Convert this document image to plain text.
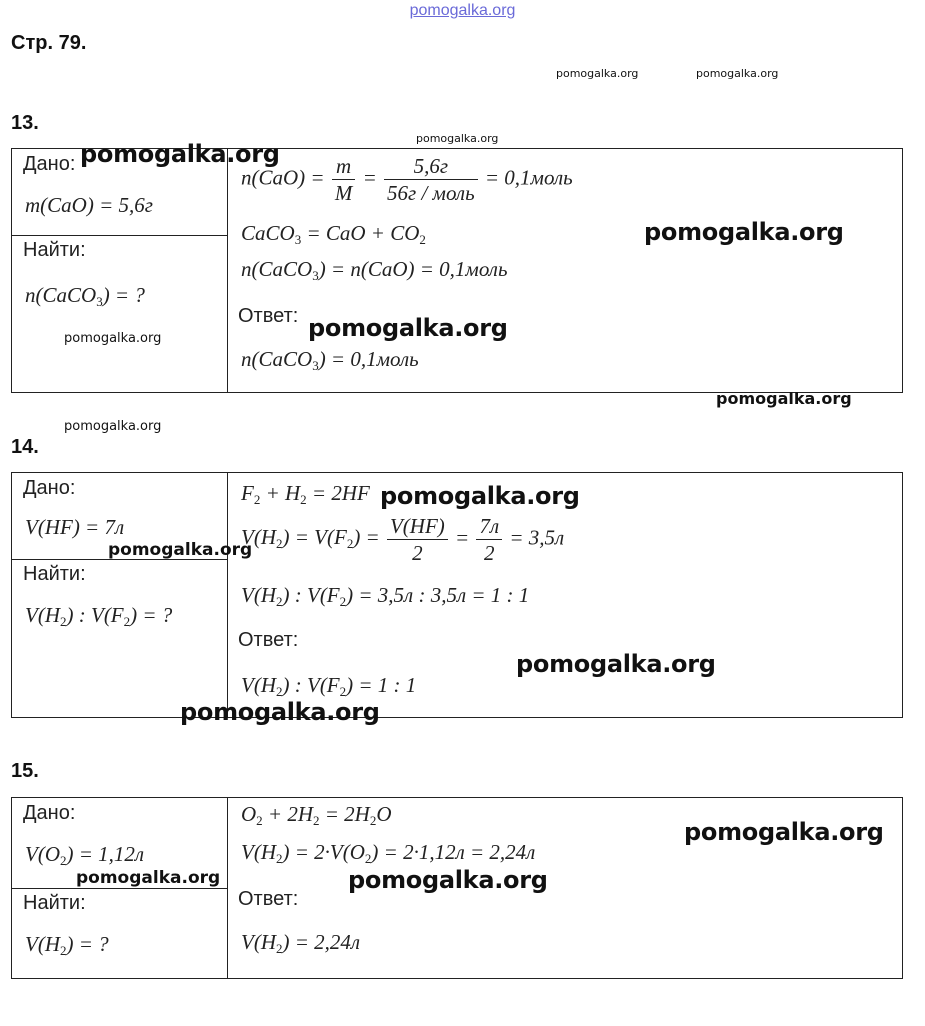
pomogalka.org
Стр. 79.
pomogalka.org	pomogalka.org
pomogalka.org
13.
Дано:
m(CaO) = 5,6г
Найти:
n(CaCO$_3$) = ?
$n(CaO) = \frac{m}{M} = \frac{5,6г}{\text{56г / моль}}$ = 0,1моль
CaCO$_3$ = CaO + $CO_2$
n(CaCO$_3$) = n(CaO) = 0,1моль
Ответ:
n(CaCO$_3$) = 0,1моль
pomogalka.org
pomogalka.org
pomogalka.org
pomogalka.org
pomogalka.org
pomogalka.org
14.
Дано:
V(HF) = 7л
Найти:
$V(H_2)$ : $V(F_2)$ = ?
$F_2 + H_2 = 2HF$
$V(H_2) = V(F_2) = \frac{V(HF)}{2} = \frac{7л}{2} = 3,5л$
$V(H_2)$ : $V(F_2) = 3,5л$ : 3,5л = 1 : 1
Ответ:
$V(H_2)$ : $V(F_2) = 1$ : 1
pomogalka.org
pomogalka.org
pomogalka.org
pomogalka.org
15.
Дано:
$V(O_2) = 1,12л$
Найти:
$V(H_2)$ = ?
$O_2 + 2H_2 = 2H_2O$
$V(H_2) = 2\cdot V(O_2) = 2\cdot 1,12л = 2,24л$
Ответ:
$V(H_2) = 2,24л$
pomogalka.org
pomogalka.org	pomogalka.org
